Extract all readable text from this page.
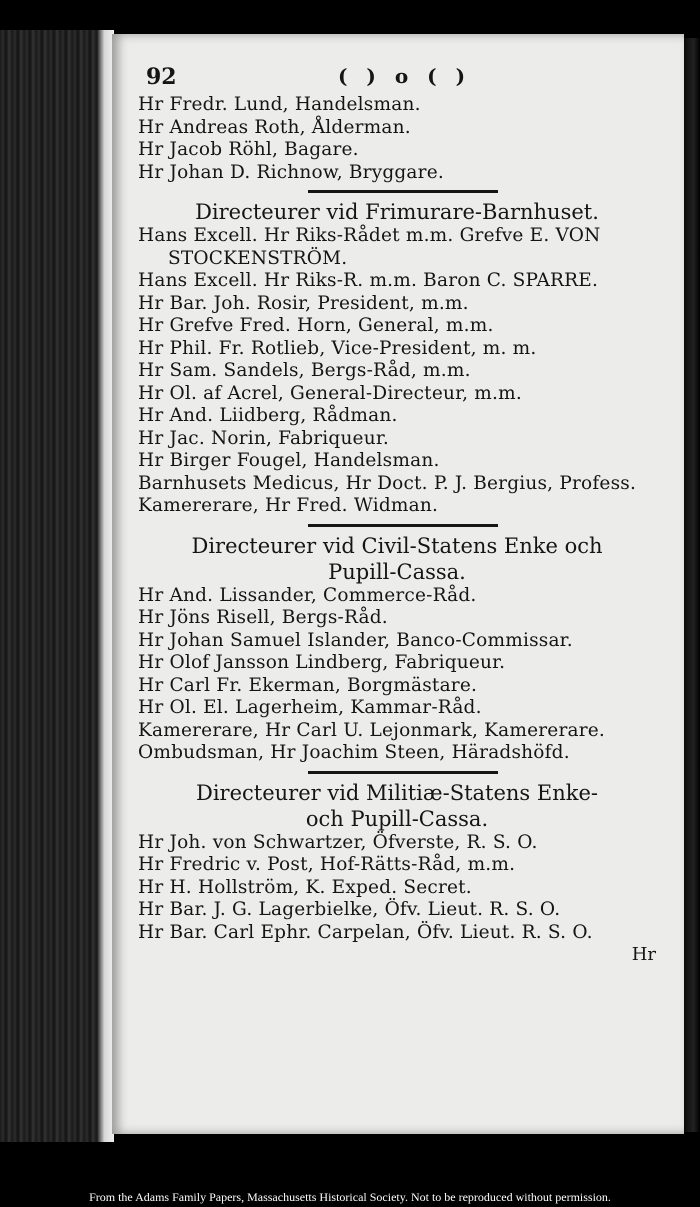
92	( ) o ( )
Hr Fredr. Lund, Handelsman.
Hr Andreas Roth, Ålderman.
Hr Jacob Röhl, Bagare.
Hr Johan D. Richnow, Bryggare.
Directeurer vid Frimurare-Barnhuset.
Hans Excell. Hr Riks-Rådet m.m. Grefve E. VON
STOCKENSTRÖM.
Hans Excell. Hr Riks-R. m.m. Baron C. SPARRE.
Hr Bar. Joh. Rosir, President, m.m.
Hr Grefve Fred. Horn, General, m.m.
Hr Phil. Fr. Rotlieb, Vice-President, m. m.
Hr Sam. Sandels, Bergs-Råd, m.m.
Hr Ol. af Acrel, General-Directeur, m.m.
Hr And. Liidberg, Rådman.
Hr Jac. Norin, Fabriqueur.
Hr Birger Fougel, Handelsman.
Barnhusets Medicus, Hr Doct. P. J. Bergius, Profess.
Kamererare, Hr Fred. Widman.
Directeurer vid Civil-Statens Enke och
Pupill-Cassa.
Hr And. Lissander, Commerce-Råd.
Hr Jöns Risell, Bergs-Råd.
Hr Johan Samuel Islander, Banco-Commissar.
Hr Olof Jansson Lindberg, Fabriqueur.
Hr Carl Fr. Ekerman, Borgmästare.
Hr Ol. El. Lagerheim, Kammar-Råd.
Kamererare, Hr Carl U. Lejonmark, Kamererare.
Ombudsman, Hr Joachim Steen, Häradshöfd.
Directeurer vid Militiæ-Statens Enke-
och Pupill-Cassa.
Hr Joh. von Schwartzer, Öfverste, R. S. O.
Hr Fredric v. Post, Hof-Rätts-Råd, m.m.
Hr H. Hollström, K. Exped. Secret.
Hr Bar. J. G. Lagerbielke, Öfv. Lieut. R. S. O.
Hr Bar. Carl Ephr. Carpelan, Öfv. Lieut. R. S. O.
Hr
From the Adams Family Papers, Massachusetts Historical Society. Not to be reproduced without permission.
